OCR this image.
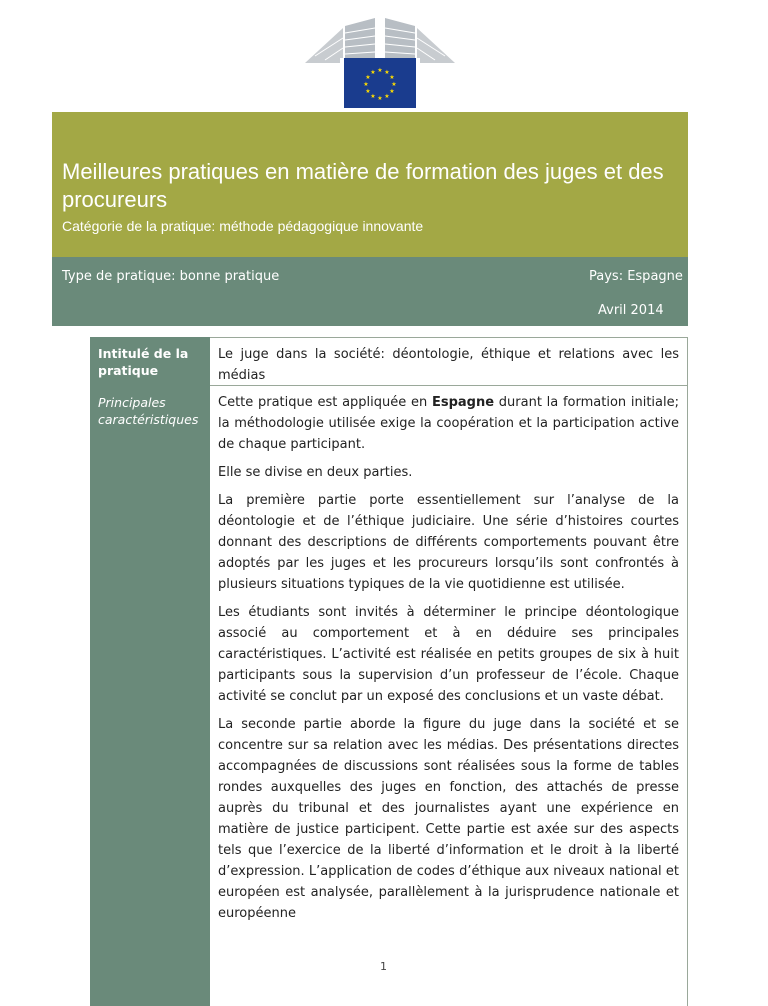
★ ★
★
★
★
★
★
★
★
★
★
★
Meilleures pratiques en matière de formation des juges et des procureurs
Catégorie de la pratique: méthode pédagogique innovante
Type de pratique: bonne pratique	Pays: Espagne
Avril 2014
Intitulé de la pratique
Le juge dans la société: déontologie, éthique et relations avec les médias
Principales caractéristiques

Cette pratique est appliquée en Espagne durant la formation initiale; la méthodologie utilisée exige la coopération et la participation active de chaque participant.

Elle se divise en deux parties.

La première partie porte essentiellement sur l’analyse de la déontologie et de l’éthique judiciaire. Une série d’histoires courtes donnant des descriptions de différents comportements pouvant être adoptés par les juges et les procureurs lorsqu’ils sont confrontés à plusieurs situations typiques de la vie quotidienne est utilisée.

Les étudiants sont invités à déterminer le principe déontologique associé au comportement et à en déduire ses principales caractéristiques. L’activité est réalisée en petits groupes de six à huit participants sous la supervision d’un professeur de l’école. Chaque activité se conclut par un exposé des conclusions et un vaste débat.

La seconde partie aborde la figure du juge dans la société et se concentre sur sa relation avec les médias. Des présentations directes accompagnées de discussions sont réalisées sous la forme de tables rondes auxquelles des juges en fonction, des attachés de presse auprès du tribunal et des journalistes ayant une expérience en matière de justice participent. Cette partie est axée sur des aspects tels que l’exercice de la liberté d’information et le droit à la liberté d’expression. L’application de codes d’éthique aux niveaux national et européen est analysée, parallèlement à la jurisprudence nationale et européenne

1
